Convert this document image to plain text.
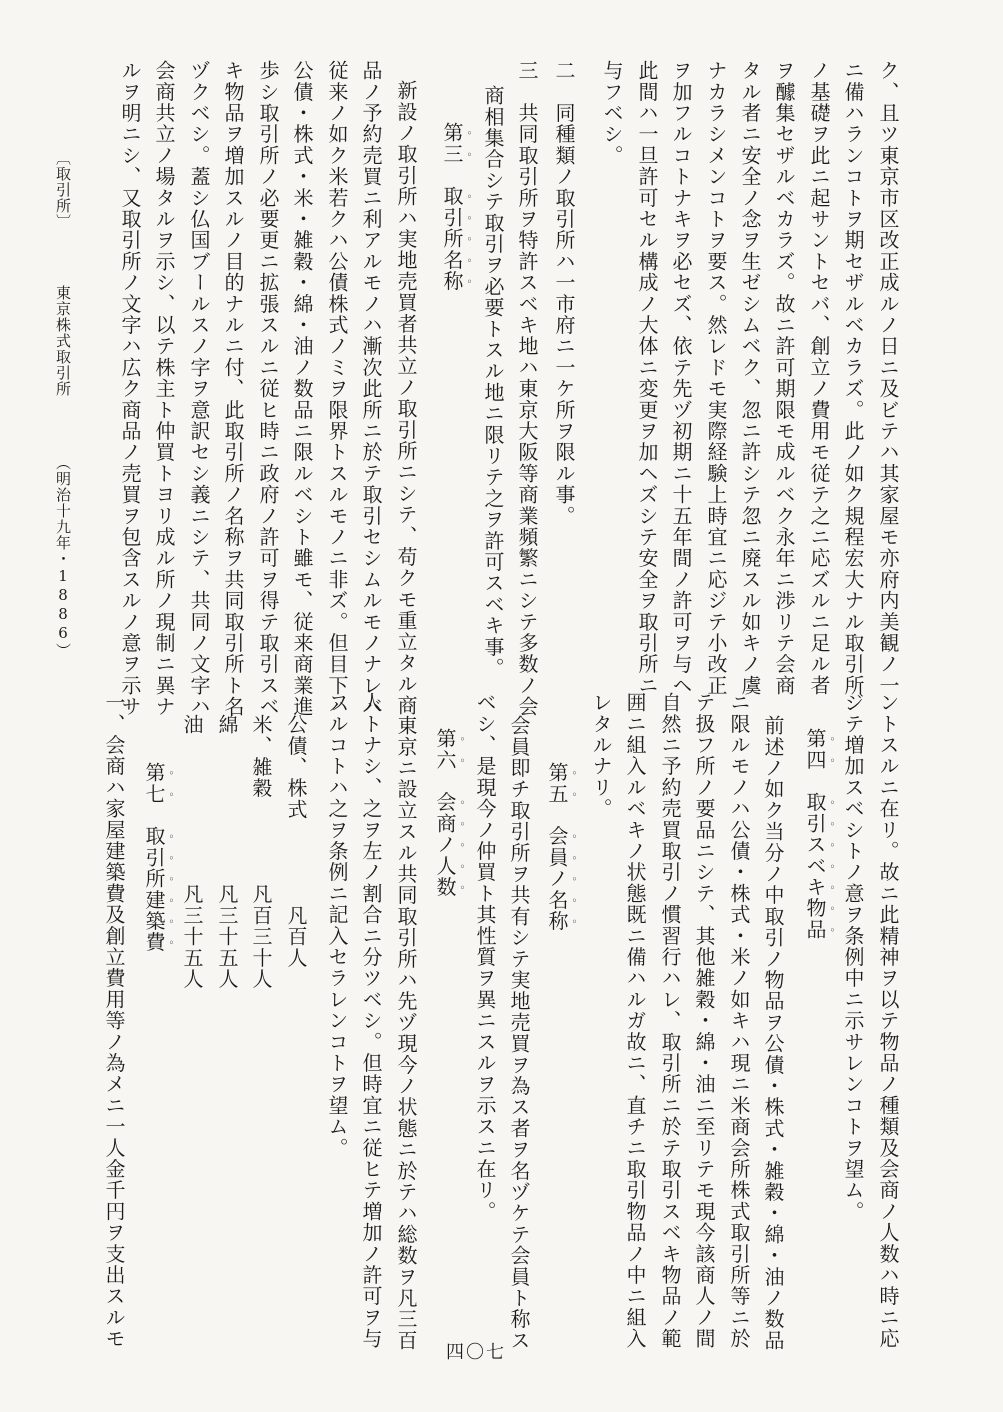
ク、且ツ東京市区改正成ルノ日ニ及ビテハ其家屋モ亦府内美観ノ一
ニ備ハランコトヲ期セザルベカラズ。此ノ如ク規程宏大ナル取引所
ノ基礎ヲ此ニ起サントセバ、創立ノ費用モ従テ之ニ応ズルニ足ル者
ヲ醵集セザルベカラズ。故ニ許可期限モ成ルベク永年ニ渉リテ会商
タル者ニ安全ノ念ヲ生ゼシムベク、忽ニ許シテ忽ニ廃スル如キノ虞
ナカラシメンコトヲ要ス。然レドモ実際経験上時宜ニ応ジテ小改正
ヲ加フルコトナキヲ必セズ、依テ先ヅ初期ニ十五年間ノ許可ヲ与ヘ
此間ハ一旦許可セル構成ノ大体ニ変更ヲ加ヘズシテ安全ヲ取引所ニ
与フベシ。
二　同種類ノ取引所ハ一市府ニ一ケ所ヲ限ル事。
三　共同取引所ヲ特許スベキ地ハ東京大阪等商業頻繁ニシテ多数ノ会
商相集合シテ取引ヲ必要トスル地ニ限リテ之ヲ許可スベキ事。
第三　取引所名称
新設ノ取引所ハ実地売買者共立ノ取引所ニシテ、苟クモ重立タル商
品ノ予約売買ニ利アルモノハ漸次此所ニ於テ取引セシムルモノナレバ
従来ノ如ク米若クハ公債株式ノミヲ限界トスルモノニ非ズ。但目下ハ
公債・株式・米・雑穀・綿・油ノ数品ニ限ルベシト雖モ、従来商業進
歩シ取引所ノ必要更ニ拡張スルニ従ヒ時ニ政府ノ許可ヲ得テ取引スベ
キ物品ヲ増加スルノ目的ナルニ付、此取引所ノ名称ヲ共同取引所ト名
ヅクベシ。蓋シ仏国ブールスノ字ヲ意訳セシ義ニシテ、共同ノ文字ハ
会商共立ノ場タルヲ示シ、以テ株主ト仲買トヨリ成ル所ノ現制ニ異ナ
ルヲ明ニシ、又取引所ノ文字ハ広ク商品ノ売買ヲ包含スルノ意ヲ示サ
ントスルニ在リ。故ニ此精神ヲ以テ物品ノ種類及会商ノ人数ハ時ニ応
ジテ増加スベシトノ意ヲ条例中ニ示サレンコトヲ望ム。
第四　取引スベキ物品
前述ノ如ク当分ノ中取引ノ物品ヲ公債・株式・雑穀・綿・油ノ数品
ニ限ルモノハ公債・株式・米ノ如キハ現ニ米商会所株式取引所等ニ於
テ扱フ所ノ要品ニシテ、其他雑穀・綿・油ニ至リテモ現今該商人ノ間
自然ニ予約売買取引ノ慣習行ハレ、取引所ニ於テ取引スベキ物品ノ範
囲ニ組入ルベキノ状態既ニ備ハルガ故ニ、直チニ取引物品ノ中ニ組入
レタルナリ。
第五　会員ノ名称
会員即チ取引所ヲ共有シテ実地売買ヲ為ス者ヲ名ヅケテ会員ト称ス
ベシ、是現今ノ仲買ト其性質ヲ異ニスルヲ示スニ在リ。
第六　会商ノ人数
東京ニ設立スル共同取引所ハ先ヅ現今ノ状態ニ於テハ総数ヲ凡三百
人トナシ、之ヲ左ノ割合ニ分ツベシ。但時宜ニ従ヒテ増加ノ許可ヲ与
フルコトハ之ヲ条例ニ記入セラレンコトヲ望ム。
公債、株式　　　　凡百人
米、雑穀　　　　凡百三十人
綿　　　　　　　凡三十五人
油　　　　　　　凡三十五人
第七　取引所建築費
一、会商ハ家屋建築費及創立費用等ノ為メニ一人金千円ヲ支出スルモ
〔取引所〕
東京株式取引所
（明治十九年・1886）
四〇七
